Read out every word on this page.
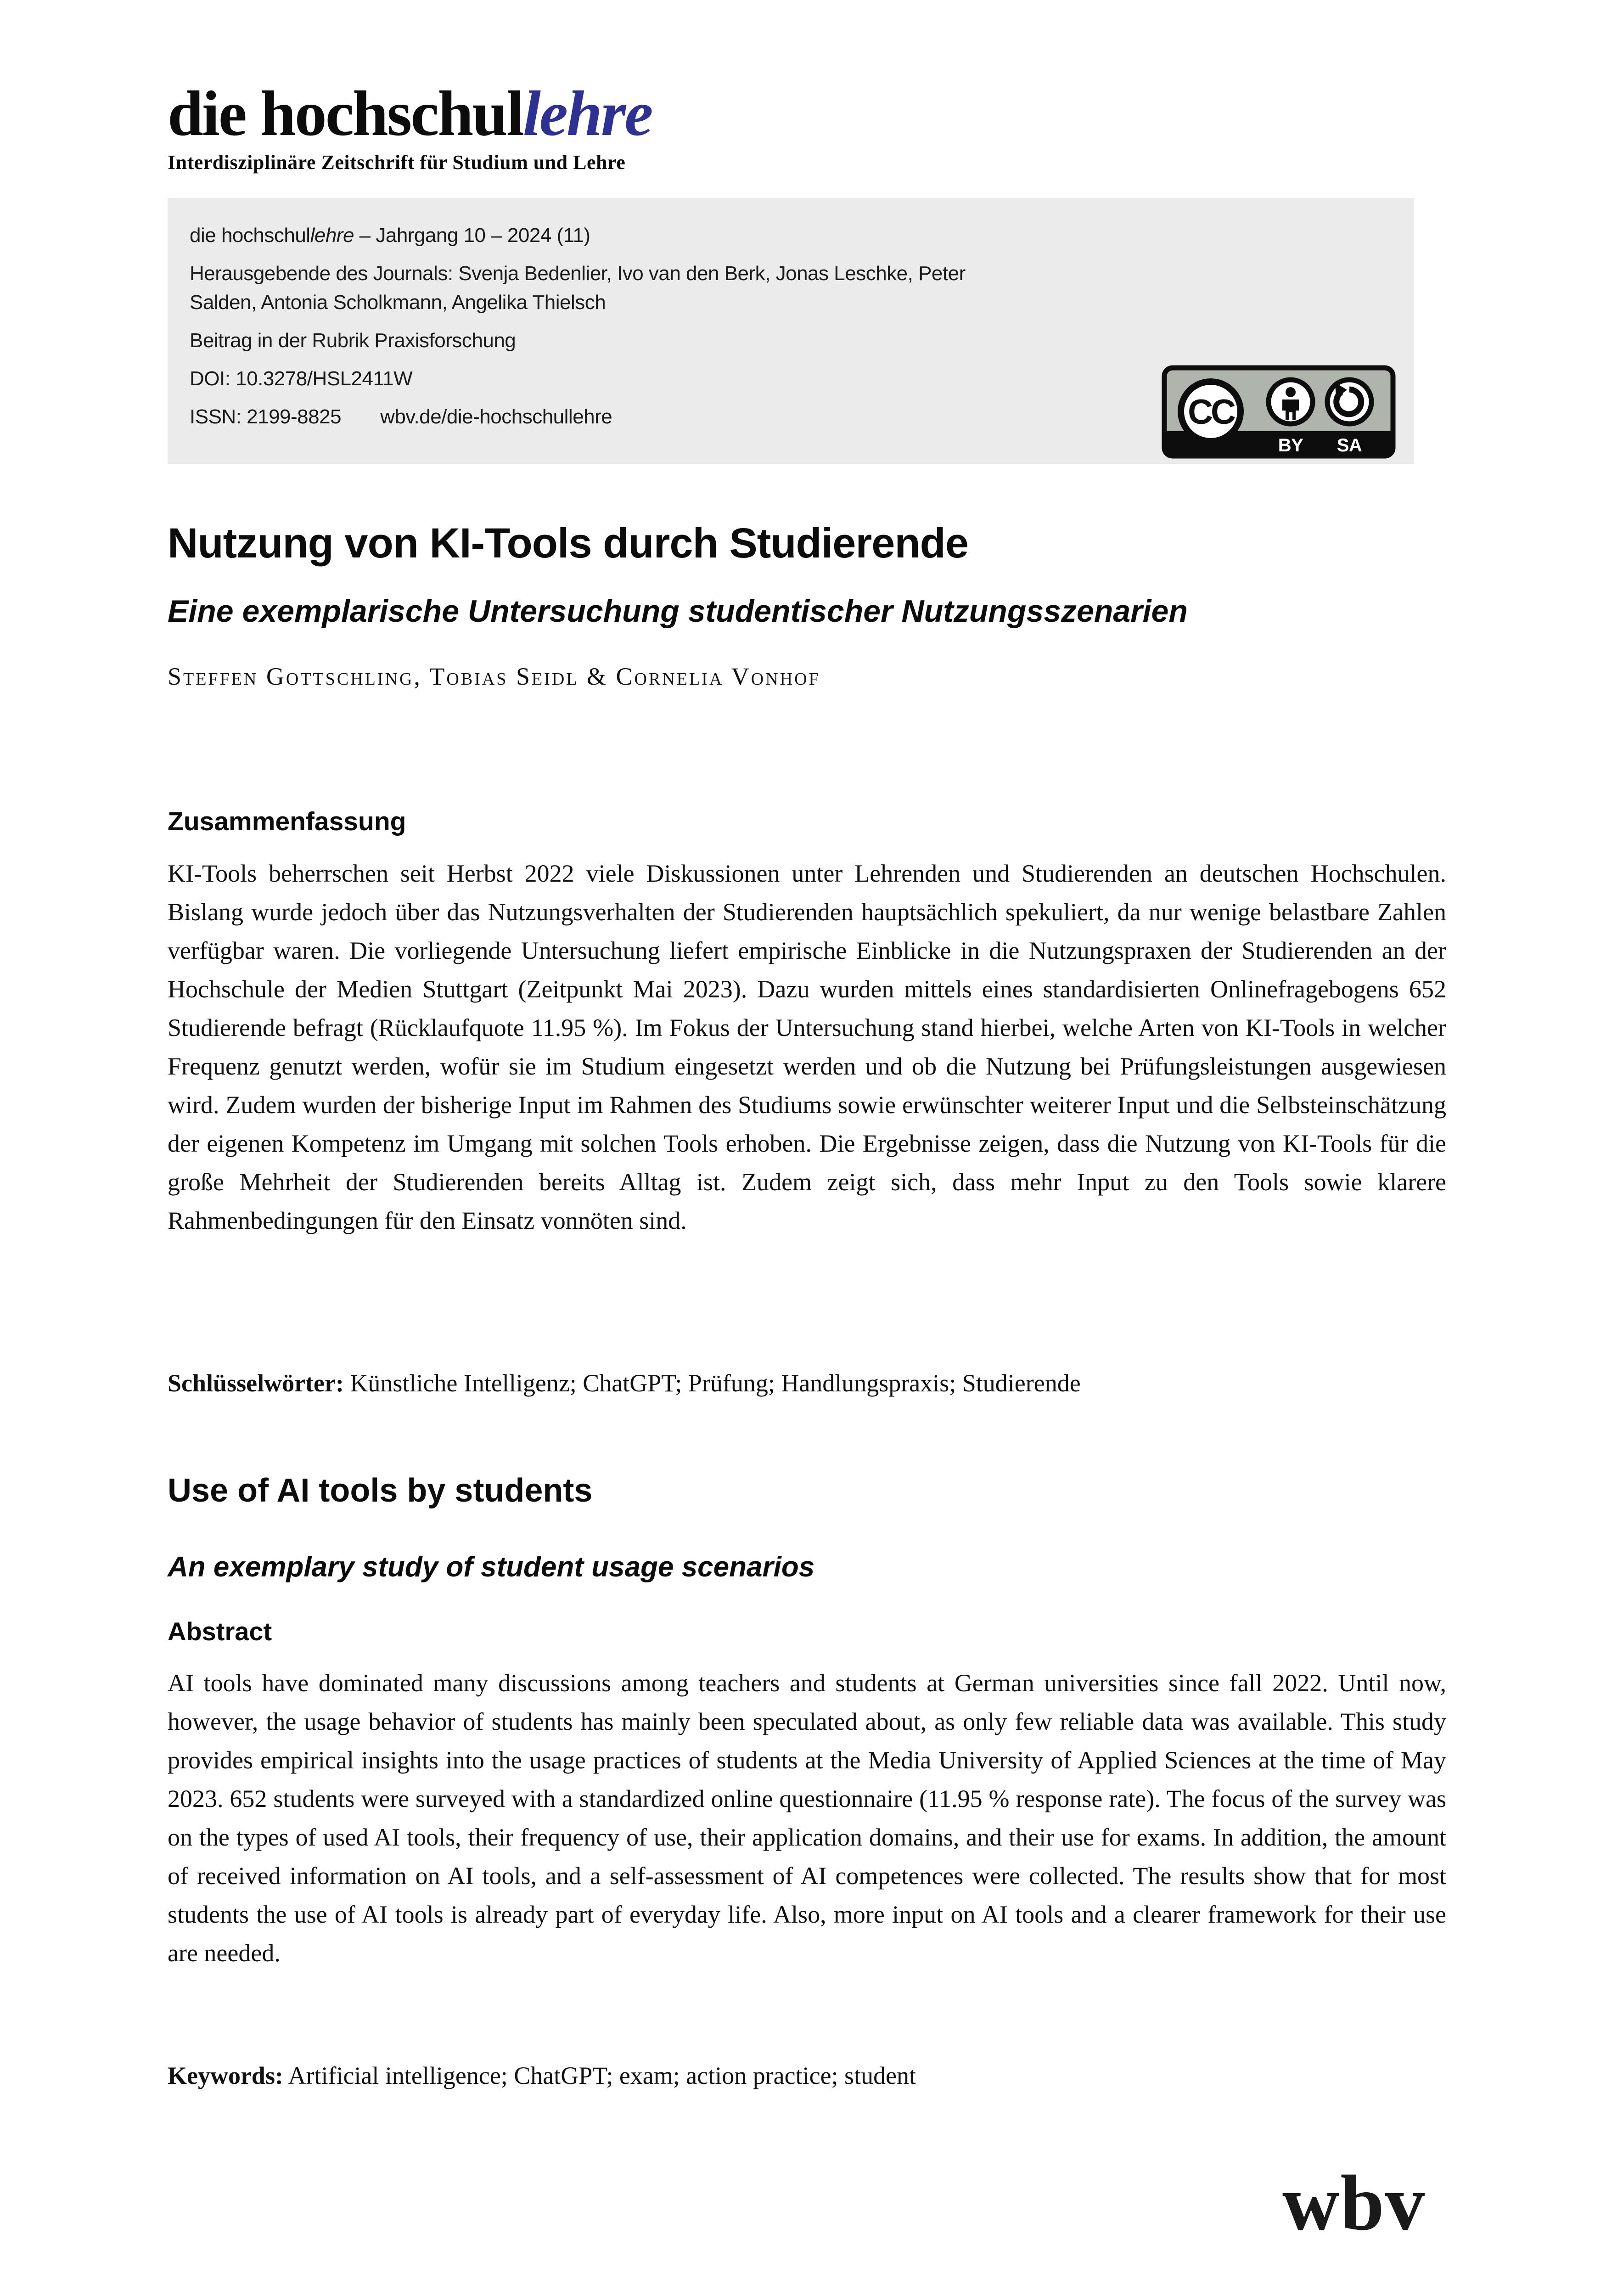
die hochschullehre
Interdisziplinäre Zeitschrift für Studium und Lehre

die hochschullehre – Jahrgang 10 – 2024 (11)

Herausgebende des Journals: Svenja Bedenlier, Ivo van den Berk, Jonas Leschke, Peter Salden, Antonia Scholkmann, Angelika Thielsch

Beitrag in der Rubrik Praxisforschung

DOI: 10.3278/HSL2411W

ISSN: 2199-8825 wbv.de/die-hochschullehre	CC
BY SA
Nutzung von KI-Tools durch Studierende
Eine exemplarische Untersuchung studentischer Nutzungsszenarien
Steffen Gottschling, Tobias Seidl & Cornelia Vonhof
Zusammenfassung

KI-Tools beherrschen seit Herbst 2022 viele Diskussionen unter Lehrenden und Studierenden an deutschen Hochschulen. Bislang wurde jedoch über das Nutzungsverhalten der Studierenden hauptsächlich spekuliert, da nur wenige belastbare Zahlen verfügbar waren. Die vorliegende Untersuchung liefert empirische Einblicke in die Nutzungspraxen der Studierenden an der Hochschule der Medien Stuttgart (Zeitpunkt Mai 2023). Dazu wurden mittels eines standardisierten Onlinefragebogens 652 Studierende befragt (Rücklaufquote 11.95 %). Im Fokus der Untersuchung stand hierbei, welche Arten von KI-Tools in welcher Frequenz genutzt werden, wofür sie im Studium eingesetzt werden und ob die Nutzung bei Prüfungsleistungen ausgewiesen wird. Zudem wurden der bisherige Input im Rahmen des Studiums sowie erwünschter weiterer Input und die Selbsteinschätzung der eigenen Kompetenz im Umgang mit solchen Tools erhoben. Die Ergebnisse zeigen, dass die Nutzung von KI-Tools für die große Mehrheit der Studierenden bereits Alltag ist. Zudem zeigt sich, dass mehr Input zu den Tools sowie klarere Rahmenbedingungen für den Einsatz vonnöten sind.

Schlüsselwörter: Künstliche Intelligenz; ChatGPT; Prüfung; Handlungspraxis; Studierende

Use of AI tools by students
An exemplary study of student usage scenarios
Abstract

AI tools have dominated many discussions among teachers and students at German universities since fall 2022. Until now, however, the usage behavior of students has mainly been speculated about, as only few reliable data was available. This study provides empirical insights into the usage practices of students at the Media University of Applied Sciences at the time of May 2023. 652 students were surveyed with a standardized online questionnaire (11.95 % response rate). The focus of the survey was on the types of used AI tools, their frequency of use, their application domains, and their use for exams. In addition, the amount of received information on AI tools, and a self-assessment of AI competences were collected. The results show that for most students the use of AI tools is already part of everyday life. Also, more input on AI tools and a clearer framework for their use are needed.

Keywords: Artificial intelligence; ChatGPT; exam; action practice; student

wbv
